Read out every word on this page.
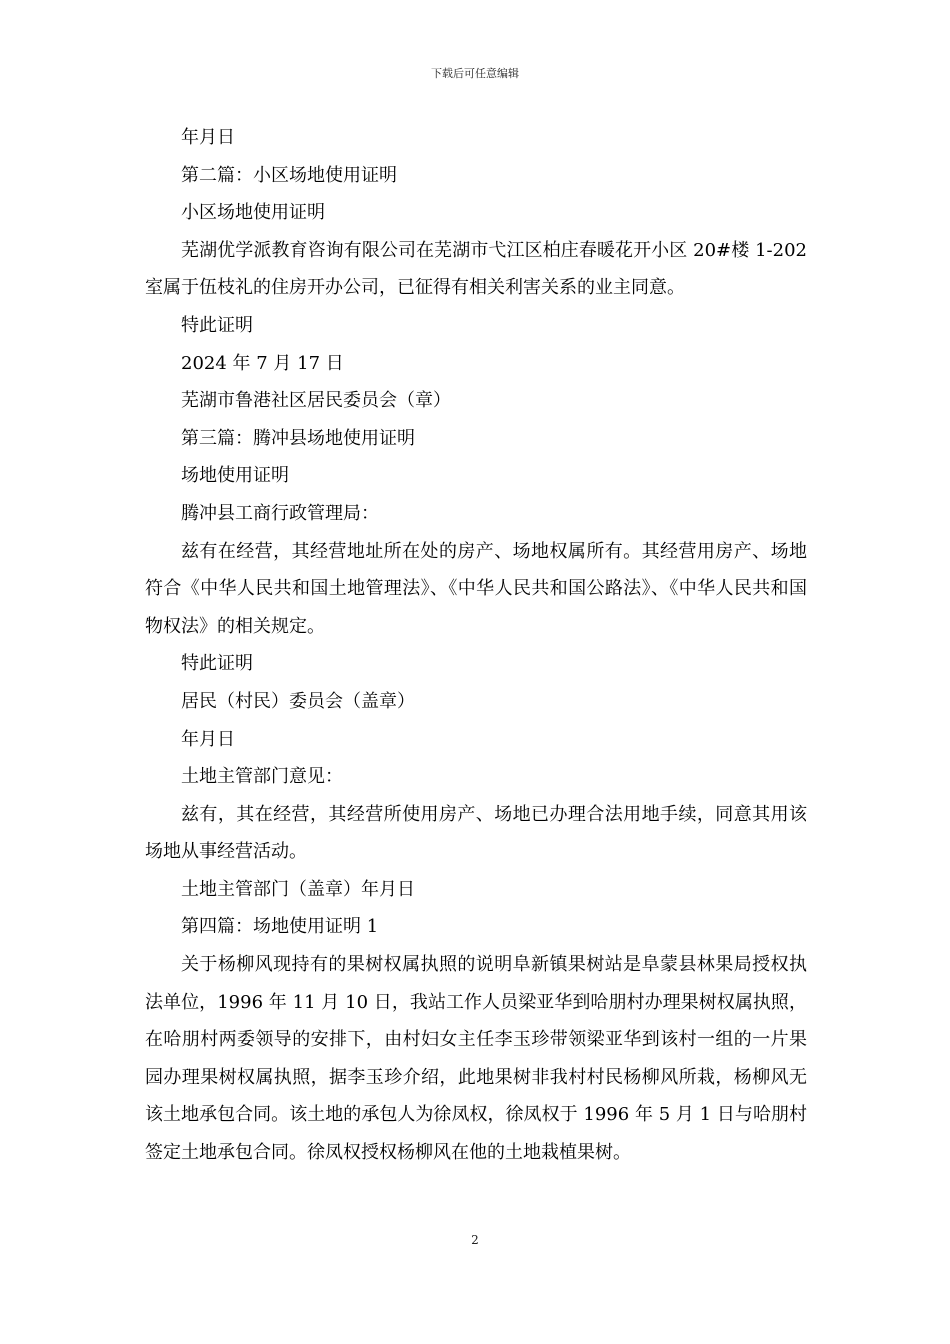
下载后可任意编辑

年月日

第二篇：小区场地使用证明

小区场地使用证明

芜湖优学派教育咨询有限公司在芜湖市弋江区柏庄春暖花开小区 20#楼 1-202 室属于伍枝礼的住房开办公司，已征得有相关利害关系的业主同意。

特此证明

2024 年 7 月 17 日

芜湖市鲁港社区居民委员会（章）

第三篇：腾冲县场地使用证明

场地使用证明

腾冲县工商行政管理局：

兹有在经营，其经营地址所在处的房产、场地权属所有。其经营用房产、场地符合《中华人民共和国土地管理法》、《中华人民共和国公路法》、《中华人民共和国物权法》的相关规定。

特此证明

居民（村民）委员会（盖章）

年月日

土地主管部门意见：

兹有，其在经营，其经营所使用房产、场地已办理合法用地手续，同意其用该场地从事经营活动。

土地主管部门（盖章）年月日

第四篇：场地使用证明 1

关于杨柳风现持有的果树权属执照的说明阜新镇果树站是阜蒙县林果局授权执法单位，1996 年 11 月 10 日，我站工作人员梁亚华到哈朋村办理果树权属执照，在哈朋村两委领导的安排下，由村妇女主任李玉珍带领梁亚华到该村一组的一片果园办理果树权属执照，据李玉珍介绍，此地果树非我村村民杨柳风所栽，杨柳风无该土地承包合同。该土地的承包人为徐凤权，徐凤权于 1996 年 5 月 1 日与哈朋村签定土地承包合同。徐凤权授权杨柳风在他的土地栽植果树。

2
